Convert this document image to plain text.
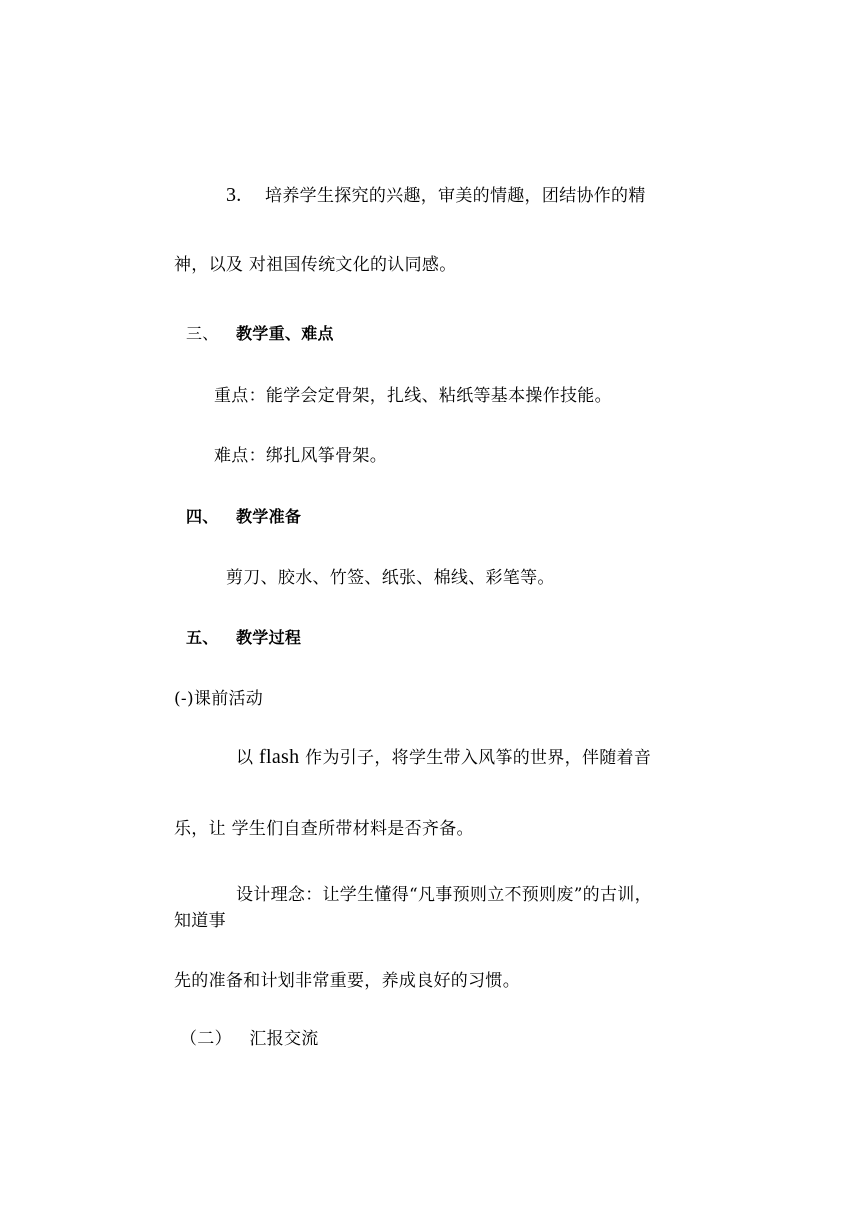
3. 培养学生探究的兴趣，审美的情趣，团结协作的精
神，以及 对祖国传统文化的认同感。
三、 教学重、难点
重点：能学会定骨架，扎线、粘纸等基本操作技能。
难点：绑扎风筝骨架。
四、 教学准备
剪刀、胶水、竹签、纸张、棉线、彩笔等。
五、 教学过程
(-)课前活动
以 flash 作为引子，将学生带入风筝的世界，伴随着音
乐，让 学生们自查所带材料是否齐备。
设计理念：让学生懂得“凡事预则立不预则废”的古训，
知道事
先的准备和计划非常重要，养成良好的习惯。
（二） 汇报交流
